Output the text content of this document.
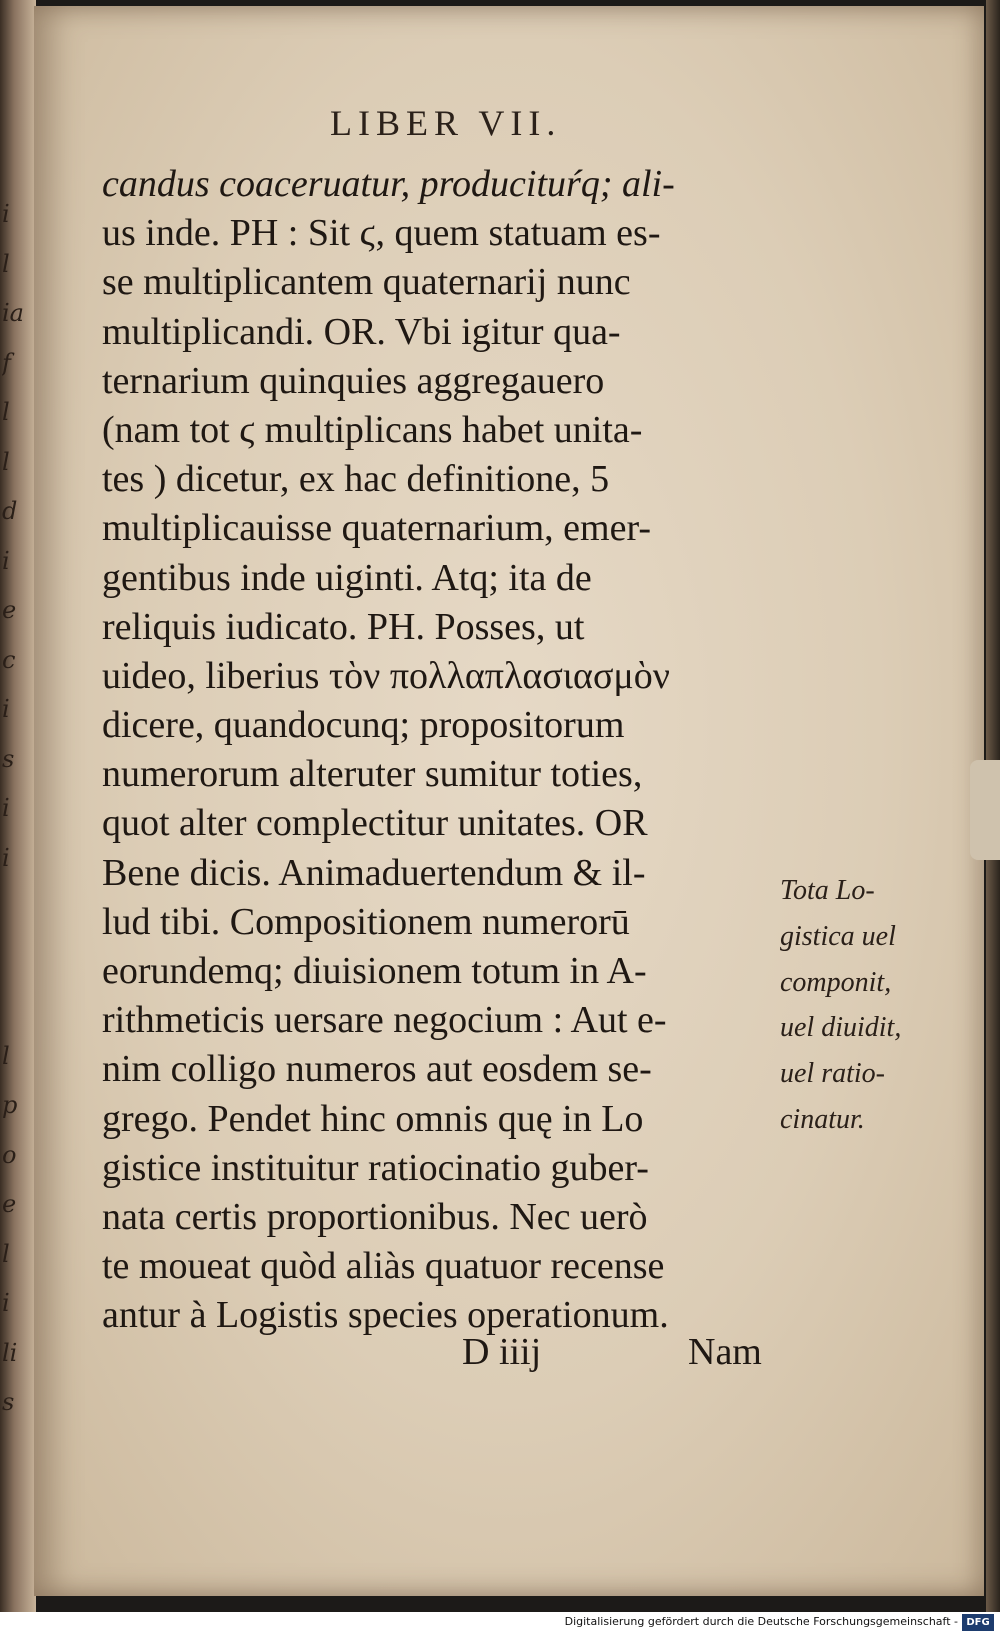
i
l
ia
f
l
l
d
i
e
c
i
s
i
i
l
p
o
e
l
i
li
s
LIBER VII.
candus coaceruatur, producituŕq; ali-
us inde. PH : Sit ϛ, quem statuam es-
se multiplicantem quaternarij nunc
multiplicandi. OR. Vbi igitur qua-
ternarium quinquies aggregauero
(nam tot ϛ multiplicans habet unita-
tes ) dicetur, ex hac definitione, 5
multiplicauisse quaternarium, emer-
gentibus inde uiginti. Atq; ita de
reliquis iudicato. PH. Posses, ut
uideo, liberius τὸν πολλαπλασιασμὸν
dicere, quandocunq; propositorum
numerorum alteruter sumitur toties,
quot alter complectitur unitates. OR
Bene dicis. Animaduertendum & il-
lud tibi. Compositionem numerorū
eorundemq; diuisionem totum in A-
rithmeticis uersare negocium : Aut e-
nim colligo numeros aut eosdem se-
grego. Pendet hinc omnis quę in Lo
gistice instituitur ratiocinatio guber-
nata certis proportionibus. Nec uerò
te moueat quòd aliàs quatuor recense
antur à Logistis species operationum.
Tota Lo-
gistica uel
componit,
uel diuidit,
uel ratio-
cinatur.
D iiij	Nam
Digitalisierung gefördert durch die Deutsche Forschungsgemeinschaft - DFG
